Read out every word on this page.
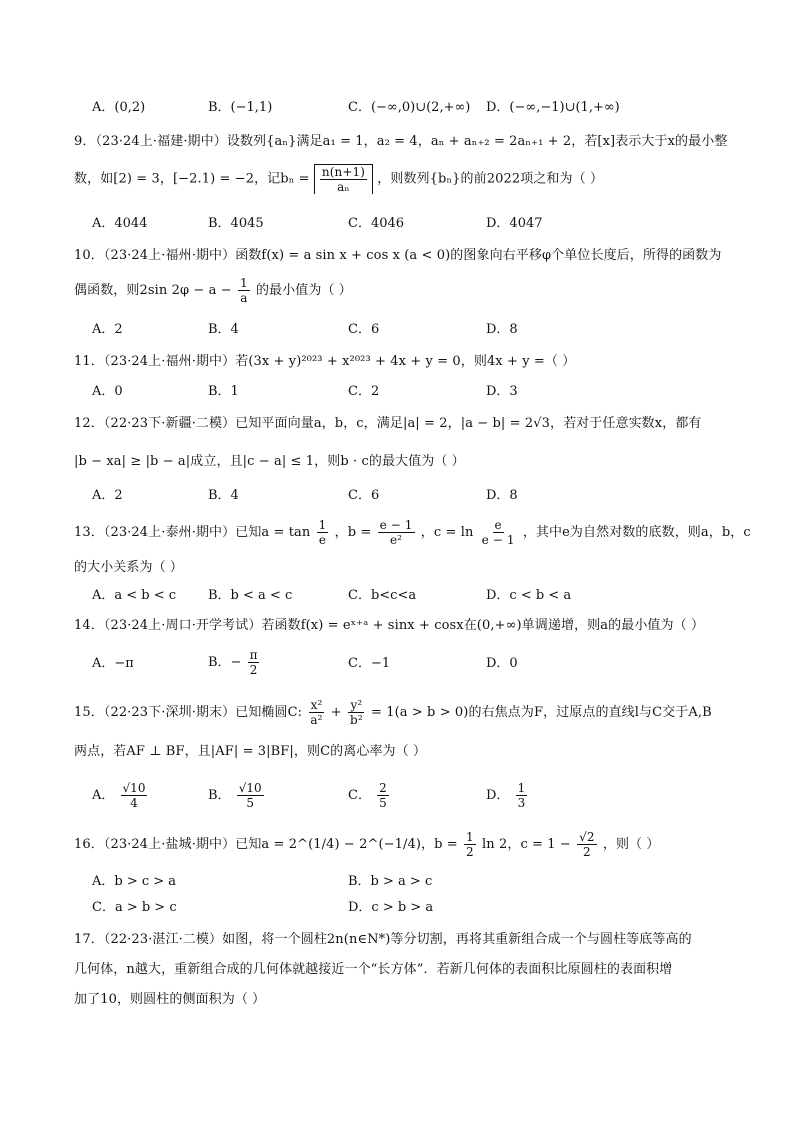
A．(0,2)	B．(−1,1)	C．(−∞,0)∪(2,+∞) D．(−∞,−1)∪(1,+∞)
9．（23·24上·福建·期中）设数列{aₙ}满足a₁ = 1，a₂ = 4，aₙ + aₙ₊₂ = 2aₙ₊₁ + 2，若[x]表示大于x的最小整
数，如[2) = 3，[−2.1) = −2，记$b_n = \frac{n(n+1)}{\text{aₙ}}$ ，则数列{bₙ}的前2022项之和为（ ）
A．4044	B．4045	C．4046	D．4047
10．（23·24上·福州·期中）函数f(x) = a sin x + cos x (a < 0)的图象向右平移φ个单位长度后，所得的函数为
偶函数，则2sin $2\varphi - a - \frac{1}{a}$ 的最小值为（ ）
A．2	B．4	C．6	D．8
11．（23·24上·福州·期中）若(3x + y)²⁰²³ + x²⁰²³ + 4x + y = 0，则4x + y =（ ）
A．0	B．1	C．2	D．3
12．（22·23下·新疆·二模）已知平面向量a，b，c，满足|a| = 2，|a − b| = 2√3，若对于任意实数x，都有
|b − xa| ≥ |b − a|成立，且|c − a| ≤ 1，则b · c的最大值为（ ）
A．2	B．4	C．6	D．8
13．（23·24上·泰州·期中）已知$a = \tan \frac{1}{e}$ ，$b = \frac{e - 1}{\text{e²}}$ ，$c = \ln \frac{e}{e - 1}$ ，其中e为自然对数的底数，则a，b，c
的大小关系为（ ）
A．a < b < c B．b < a < c	C．b<c<a	D．c < b < a
14．（23·24上·周口·开学考试）若函数f(x) = eˣ⁺ᵃ + sinx + cosx在(0,+∞)单调递增，则a的最小值为（ ）
A．−π	B．− $\frac{\pi}{2}$	C．−1	D．0
15．（22·23下·深圳·期末）已知椭圆C: $\frac{\text{x²}}{\text{a²}} + \frac{\text{y²}}{\text{b²}} = 1(a > b > 0)$的右焦点为F，过原点的直线l与C交于A,B
两点，若AF ⊥ BF，且|AF| = 3|BF|，则C的离心率为（ ）
A． $\frac{√10}{4}$	B． $\frac{√10}{5}$	C． $\frac{2}{5}$	D． $\frac{1}{3}$
16．（23·24上·盐城·期中）已知a = 2^(1/4) − 2^(−1/4)，$b = \frac{1}{2}$ ln 2，$c = 1 - \frac{√2}{2}$ ，则（ ）
A．b > c > a	B．b > a > c
C．a > b > c	D．c > b > a
17．（22·23·湛江·二模）如图，将一个圆柱2n(n∈N*)等分切割，再将其重新组合成一个与圆柱等底等高的
几何体，n越大，重新组合成的几何体就越接近一个“长方体”．若新几何体的表面积比原圆柱的表面积增
加了10，则圆柱的侧面积为（ ）
